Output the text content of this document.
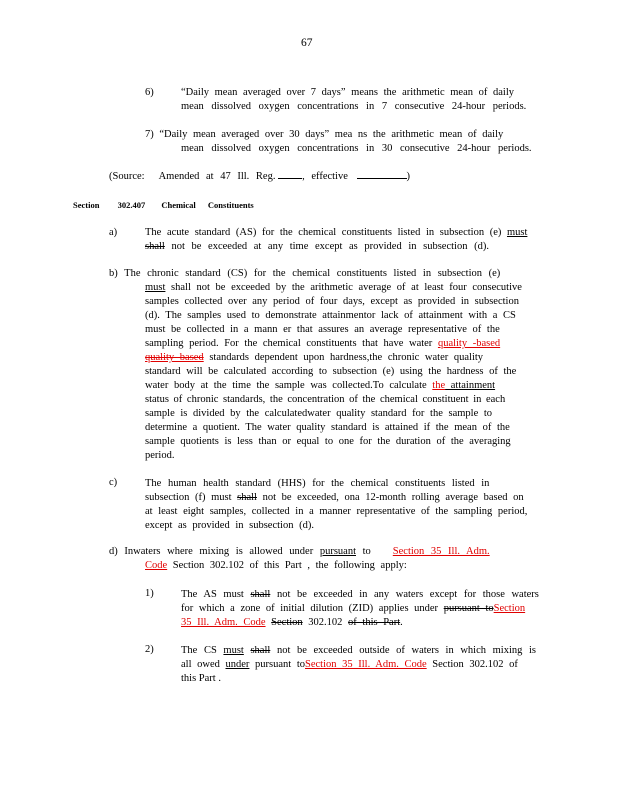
67
6)	“Daily mean averaged over 7 days” means the arithmetic mean of daily
mean dissolved oxygen concentrations in 7 consecutive 24-hour periods.
7) “Daily mean averaged over 30 days” mea ns the arithmetic mean of daily
mean dissolved oxygen concentrations in 30 consecutive 24-hour periods.
(Source: Amended at 47 Ill. Reg.	, effective	)
Section 302.407 Chemical Constituents
a)	The acute standard (AS) for the chemical constituents listed in subsection (e) must
shall not be exceeded at any time except as provided in subsection (d).
b) The chronic standard (CS) for the chemical constituents listed in subsection (e)
must shall not be exceeded by the arithmetic average of at least four consecutive
samples collected over any period of four days, except as provided in subsection
(d). The samples used to demonstrate attainmentor lack of attainment with a CS
must be collected in a mann er that assures an average representative of the
sampling period. For the chemical constituents that have water quality -based
quality based standards dependent upon hardness,the chronic water quality
standard will be calculated according to subsection (e) using the hardness of the
water body at the time the sample was collected.To calculate the attainment
status of chronic standards, the concentration of the chemical constituent in each
sample is divided by the calculatedwater quality standard for the sample to
determine a quotient. The water quality standard is attained if the mean of the
sample quotients is less than or equal to one for the duration of the averaging
period.
c)	The human health standard (HHS) for the chemical constituents listed in
subsection (f) must shall not be exceeded, ona 12-month rolling average based on
at least eight samples, collected in a manner representative of the sampling period,
except as provided in subsection (d).
d) Inwaters where mixing is allowed under pursuant to Section 35 Ill. Adm.
Code Section 302.102 of this Part , the following apply:
1)	The AS must shall not be exceeded in any waters except for those waters
for which a zone of initial dilution (ZID) applies under pursuant toSection
35 Ill. Adm. Code Section 302.102 of this Part.
2)	The CS must shall not be exceeded outside of waters in which mixing is
all owed under pursuant toSection 35 Ill. Adm. Code Section 302.102 of
this Part .
